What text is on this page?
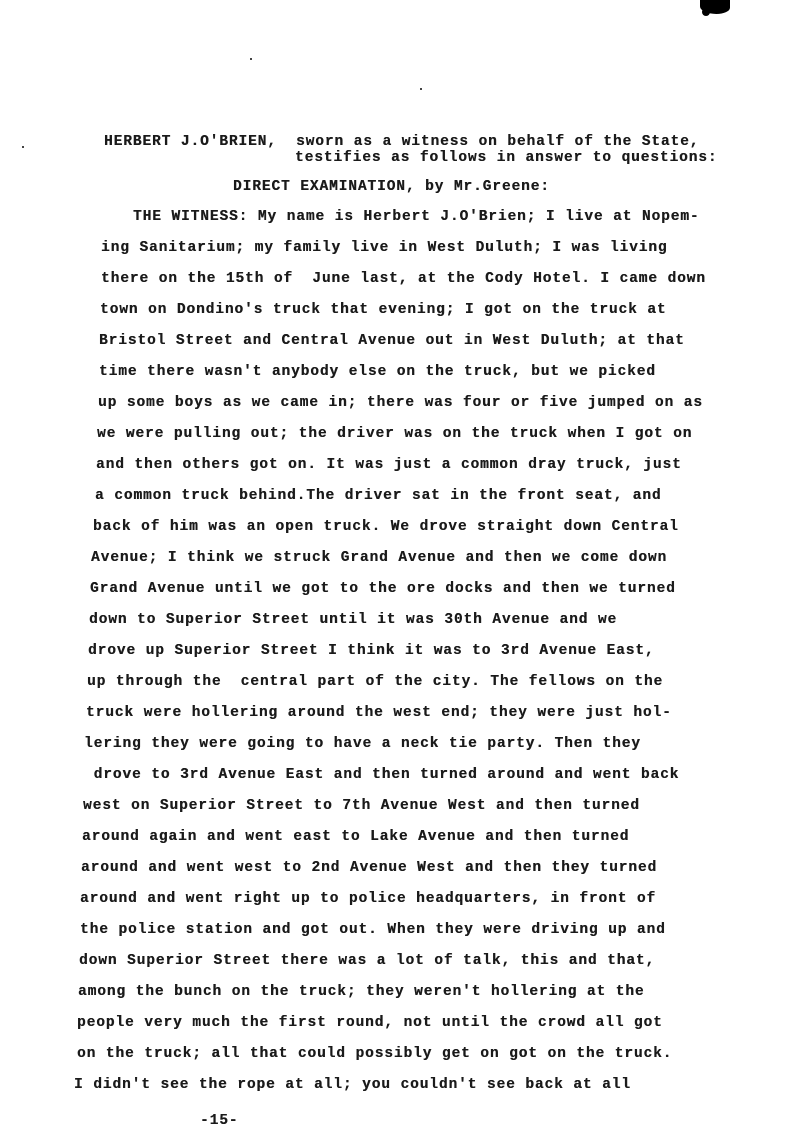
HERBERT J.O'BRIEN,  sworn as a witness on behalf of the State,
testifies as follows in answer to questions:
DIRECT EXAMINATION, by Mr.Greene:
THE WITNESS: My name is Herbert J.O'Brien; I live at Nopem-
ing Sanitarium; my family live in West Duluth; I was living
there on the 15th of  June last, at the Cody Hotel. I came down
town on Dondino's truck that evening; I got on the truck at
Bristol Street and Central Avenue out in West Duluth; at that
time there wasn't anybody else on the truck, but we picked
up some boys as we came in; there was four or five jumped on as
we were pulling out; the driver was on the truck when I got on
and then others got on. It was just a common dray truck, just
a common truck behind.The driver sat in the front seat, and
back of him was an open truck. We drove straight down Central
Avenue; I think we struck Grand Avenue and then we come down
Grand Avenue until we got to the ore docks and then we turned
down to Superior Street until it was 30th Avenue and we
drove up Superior Street I think it was to 3rd Avenue East,
up through the  central part of the city. The fellows on the
truck were hollering around the west end; they were just hol-
lering they were going to have a neck tie party. Then they
drove to 3rd Avenue East and then turned around and went back
west on Superior Street to 7th Avenue West and then turned
around again and went east to Lake Avenue and then turned
around and went west to 2nd Avenue West and then they turned
around and went right up to police headquarters, in front of
the police station and got out. When they were driving up and
down Superior Street there was a lot of talk, this and that,
among the bunch on the truck; they weren't hollering at the
people very much the first round, not until the crowd all got
on the truck; all that could possibly get on got on the truck.
I didn't see the rope at all; you couldn't see back at all
-15-
